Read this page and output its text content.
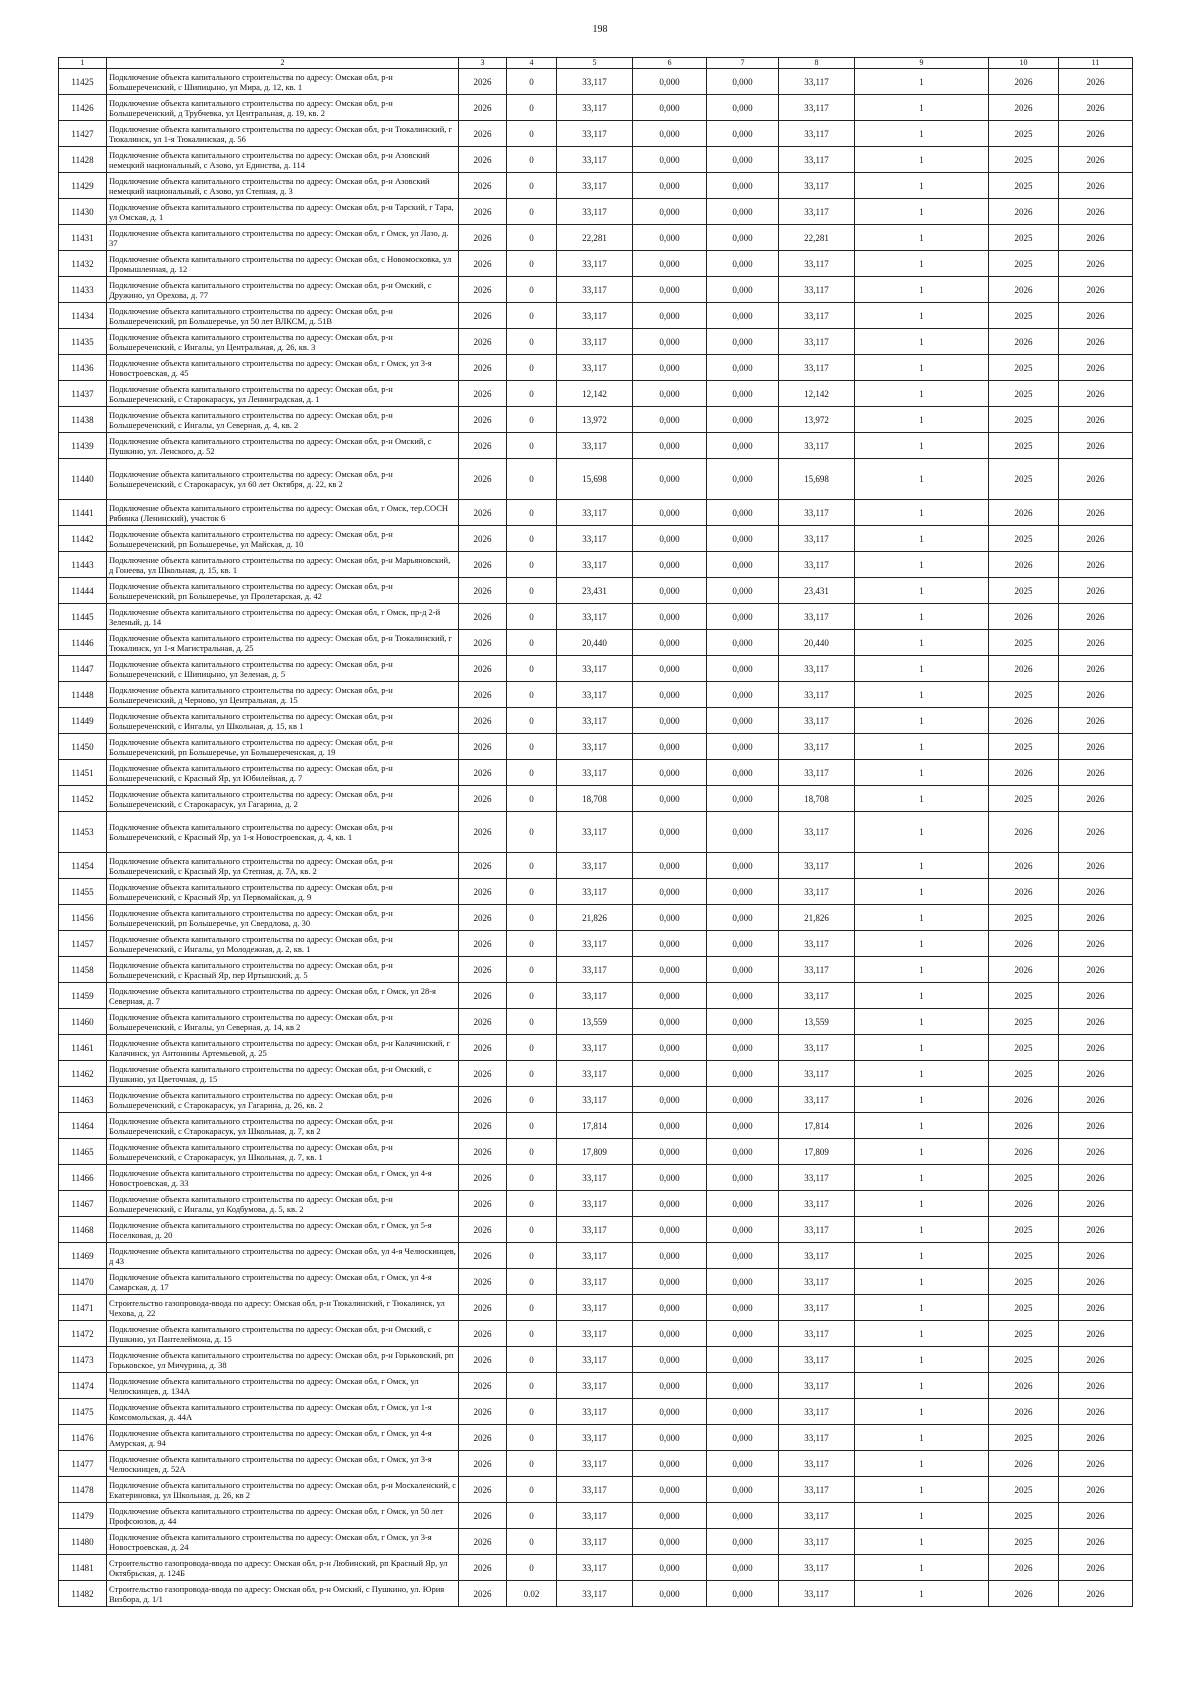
198
1	2	3	4	5	6	7	8	9	10	11
11425	Подключение объекта капитального строительства по адресу: Омская обл, р-н Большереченский, с Шипицыно, ул Мира, д. 12, кв. 1	2026	0	33,117	0,000	0,000	33,117	1	2026	2026
11426	Подключение объекта капитального строительства по адресу: Омская обл, р-н Большереченский, д Трубчевка, ул Центральная, д. 19, кв. 2	2026	0	33,117	0,000	0,000	33,117	1	2026	2026
11427	Подключение объекта капитального строительства по адресу: Омская обл, р-н Тюкалинский, г Тюкалинск, ул 1-я Тюкалинская, д. 56	2026	0	33,117	0,000	0,000	33,117	1	2025	2026
11428	Подключение объекта капитального строительства по адресу: Омская обл, р-н Азовский немецкий национальный, с Азово, ул Единства, д. 114	2026	0	33,117	0,000	0,000	33,117	1	2025	2026
11429	Подключение объекта капитального строительства по адресу: Омская обл, р-н Азовский немецкий национальный, с Азово, ул Степная, д. 3	2026	0	33,117	0,000	0,000	33,117	1	2025	2026
11430	Подключение объекта капитального строительства по адресу: Омская обл, р-н Тарский, г Тара, ул Омская, д. 1	2026	0	33,117	0,000	0,000	33,117	1	2026	2026
11431	Подключение объекта капитального строительства по адресу: Омская обл, г Омск, ул Лазо, д. 37	2026	0	22,281	0,000	0,000	22,281	1	2025	2026
11432	Подключение объекта капитального строительства по адресу: Омская обл, с Новомосковка, ул Промышленная, д. 12	2026	0	33,117	0,000	0,000	33,117	1	2025	2026
11433	Подключение объекта капитального строительства по адресу: Омская обл, р-н Омский, с Дружино, ул Орехова, д. 77	2026	0	33,117	0,000	0,000	33,117	1	2026	2026
11434	Подключение объекта капитального строительства по адресу: Омская обл, р-н Большереченский, рп Большеречье, ул 50 лет ВЛКСМ, д. 51В	2026	0	33,117	0,000	0,000	33,117	1	2025	2026
11435	Подключение объекта капитального строительства по адресу: Омская обл, р-н Большереченский, с Ингалы, ул Центральная, д. 26, кв. 3	2026	0	33,117	0,000	0,000	33,117	1	2026	2026
11436	Подключение объекта капитального строительства по адресу: Омская обл, г Омск, ул 3-я Новостроевская, д. 45	2026	0	33,117	0,000	0,000	33,117	1	2025	2026
11437	Подключение объекта капитального строительства по адресу: Омская обл, р-н Большереченский, с Старокарасук, ул Ленинградская, д. 1	2026	0	12,142	0,000	0,000	12,142	1	2025	2026
11438	Подключение объекта капитального строительства по адресу: Омская обл, р-н Большереченский, с Ингалы, ул Северная, д. 4, кв. 2	2026	0	13,972	0,000	0,000	13,972	1	2025	2026
11439	Подключение объекта капитального строительства по адресу: Омская обл, р-н Омский, с Пушкино, ул. Ленского, д. 52	2026	0	33,117	0,000	0,000	33,117	1	2025	2026
11440	Подключение объекта капитального строительства по адресу: Омская обл, р-н Большереченский, с Старокарасук, ул 60 лет Октября, д. 22, кв 2	2026	0	15,698	0,000	0,000	15,698	1	2025	2026
11441	Подключение объекта капитального строительства по адресу: Омская обл, г Омск, тер.СОСН Рябинка (Ленинский), участок 6	2026	0	33,117	0,000	0,000	33,117	1	2026	2026
11442	Подключение объекта капитального строительства по адресу: Омская обл, р-н Большереченский, рп Большеречье, ул Майская, д. 10	2026	0	33,117	0,000	0,000	33,117	1	2025	2026
11443	Подключение объекта капитального строительства по адресу: Омская обл, р-н Марьяновский, д Гонеева, ул Школьная, д. 15, кв. 1	2026	0	33,117	0,000	0,000	33,117	1	2026	2026
11444	Подключение объекта капитального строительства по адресу: Омская обл, р-н Большереченский, рп Большеречье, ул Пролетарская, д. 42	2026	0	23,431	0,000	0,000	23,431	1	2025	2026
11445	Подключение объекта капитального строительства по адресу: Омская обл, г Омск, пр-д 2-й Зеленый, д. 14	2026	0	33,117	0,000	0,000	33,117	1	2026	2026
11446	Подключение объекта капитального строительства по адресу: Омская обл, р-н Тюкалинский, г Тюкалинск, ул 1-я Магистральная, д. 25	2026	0	20,440	0,000	0,000	20,440	1	2025	2026
11447	Подключение объекта капитального строительства по адресу: Омская обл, р-н Большереченский, с Шипицыно, ул Зеленая, д. 5	2026	0	33,117	0,000	0,000	33,117	1	2026	2026
11448	Подключение объекта капитального строительства по адресу: Омская обл, р-н Большереченский, д Черново, ул Центральная, д. 15	2026	0	33,117	0,000	0,000	33,117	1	2025	2026
11449	Подключение объекта капитального строительства по адресу: Омская обл, р-н Большереченский, с Ингалы, ул Школьная, д. 15, кв 1	2026	0	33,117	0,000	0,000	33,117	1	2026	2026
11450	Подключение объекта капитального строительства по адресу: Омская обл, р-н Большереченский, рп Большеречье, ул Большереченская, д. 19	2026	0	33,117	0,000	0,000	33,117	1	2025	2026
11451	Подключение объекта капитального строительства по адресу: Омская обл, р-н Большереченский, с Красный Яр, ул Юбилейная, д. 7	2026	0	33,117	0,000	0,000	33,117	1	2026	2026
11452	Подключение объекта капитального строительства по адресу: Омская обл, р-н Большереченский, с Старокарасук, ул Гагарина, д. 2	2026	0	18,708	0,000	0,000	18,708	1	2025	2026
11453	Подключение объекта капитального строительства по адресу: Омская обл, р-н Большереченский, с Красный Яр, ул 1-я Новостроевская, д. 4, кв. 1	2026	0	33,117	0,000	0,000	33,117	1	2026	2026
11454	Подключение объекта капитального строительства по адресу: Омская обл, р-н Большереченский, с Красный Яр, ул Степная, д. 7А, кв. 2	2026	0	33,117	0,000	0,000	33,117	1	2026	2026
11455	Подключение объекта капитального строительства по адресу: Омская обл, р-н Большереченский, с Красный Яр, ул Первомайская, д. 9	2026	0	33,117	0,000	0,000	33,117	1	2026	2026
11456	Подключение объекта капитального строительства по адресу: Омская обл, р-н Большереченский, рп Большеречье, ул Свердлова, д. 30	2026	0	21,826	0,000	0,000	21,826	1	2025	2026
11457	Подключение объекта капитального строительства по адресу: Омская обл, р-н Большереченский, с Ингалы, ул Молодежная, д. 2, кв. 1	2026	0	33,117	0,000	0,000	33,117	1	2026	2026
11458	Подключение объекта капитального строительства по адресу: Омская обл, р-н Большереченский, с Красный Яр, пер Иртышский, д. 5	2026	0	33,117	0,000	0,000	33,117	1	2026	2026
11459	Подключение объекта капитального строительства по адресу: Омская обл, г Омск, ул 28-я Северная, д. 7	2026	0	33,117	0,000	0,000	33,117	1	2025	2026
11460	Подключение объекта капитального строительства по адресу: Омская обл, р-н Большереченский, с Ингалы, ул Северная, д. 14, кв 2	2026	0	13,559	0,000	0,000	13,559	1	2025	2026
11461	Подключение объекта капитального строительства по адресу: Омская обл, р-н Калачинский, г Калачинск, ул Антонины Артемьевой, д. 25	2026	0	33,117	0,000	0,000	33,117	1	2025	2026
11462	Подключение объекта капитального строительства по адресу: Омская обл, р-н Омский, с Пушкино, ул Цветочная, д. 15	2026	0	33,117	0,000	0,000	33,117	1	2025	2026
11463	Подключение объекта капитального строительства по адресу: Омская обл, р-н Большереченский, с Старокарасук, ул Гагарина, д. 26, кв. 2	2026	0	33,117	0,000	0,000	33,117	1	2026	2026
11464	Подключение объекта капитального строительства по адресу: Омская обл, р-н Большереченский, с Старокарасук, ул Школьная, д. 7, кв 2	2026	0	17,814	0,000	0,000	17,814	1	2026	2026
11465	Подключение объекта капитального строительства по адресу: Омская обл, р-н Большереченский, с Старокарасук, ул Школьная, д. 7, кв. 1	2026	0	17,809	0,000	0,000	17,809	1	2026	2026
11466	Подключение объекта капитального строительства по адресу: Омская обл, г Омск, ул 4-я Новостроевская, д. 33	2026	0	33,117	0,000	0,000	33,117	1	2025	2026
11467	Подключение объекта капитального строительства по адресу: Омская обл, р-н Большереченский, с Ингалы, ул Кодбумова, д. 5, кв. 2	2026	0	33,117	0,000	0,000	33,117	1	2026	2026
11468	Подключение объекта капитального строительства по адресу: Омская обл, г Омск, ул 5-я Поселковая, д. 20	2026	0	33,117	0,000	0,000	33,117	1	2025	2026
11469	Подключение объекта капитального строительства по адресу: Омская обл, ул 4-я Челюскинцев, д 43	2026	0	33,117	0,000	0,000	33,117	1	2025	2026
11470	Подключение объекта капитального строительства по адресу: Омская обл, г Омск, ул 4-я Самарская, д. 17	2026	0	33,117	0,000	0,000	33,117	1	2025	2026
11471	Строительство газопровода-ввода по адресу: Омская обл, р-н Тюкалинский, г Тюкалинск, ул Чехова, д. 22	2026	0	33,117	0,000	0,000	33,117	1	2025	2026
11472	Подключение объекта капитального строительства по адресу: Омская обл, р-н Омский, с Пушкино, ул Пантелеймона, д. 15	2026	0	33,117	0,000	0,000	33,117	1	2025	2026
11473	Подключение объекта капитального строительства по адресу: Омская обл, р-н Горьковский, рп Горьковское, ул Мичурина, д. 38	2026	0	33,117	0,000	0,000	33,117	1	2025	2026
11474	Подключение объекта капитального строительства по адресу: Омская обл, г Омск, ул Челюскинцев, д. 134А	2026	0	33,117	0,000	0,000	33,117	1	2026	2026
11475	Подключение объекта капитального строительства по адресу: Омская обл, г Омск, ул 1-я Комсомольская, д. 44А	2026	0	33,117	0,000	0,000	33,117	1	2026	2026
11476	Подключение объекта капитального строительства по адресу: Омская обл, г Омск, ул 4-я Амурская, д. 94	2026	0	33,117	0,000	0,000	33,117	1	2025	2026
11477	Подключение объекта капитального строительства по адресу: Омская обл, г Омск, ул 3-я Челюскинцев, д. 52А	2026	0	33,117	0,000	0,000	33,117	1	2026	2026
11478	Подключение объекта капитального строительства по адресу: Омская обл, р-н Москаленский, с Екатериновка, ул Школьная, д. 26, кв 2	2026	0	33,117	0,000	0,000	33,117	1	2025	2026
11479	Подключение объекта капитального строительства по адресу: Омская обл, г Омск, ул 50 лет Профсоюзов, д. 44	2026	0	33,117	0,000	0,000	33,117	1	2025	2026
11480	Подключение объекта капитального строительства по адресу: Омская обл, г Омск, ул 3-я Новостроевская, д. 24	2026	0	33,117	0,000	0,000	33,117	1	2025	2026
11481	Строительство газопровода-ввода по адресу: Омская обл, р-н Любинский, рп Красный Яр, ул Октябрьская, д. 124Б	2026	0	33,117	0,000	0,000	33,117	1	2026	2026
11482	Строительство газопровода-ввода по адресу: Омская обл, р-н Омский, с Пушкино, ул. Юрия Визбора, д. 1/1	2026	0.02	33,117	0,000	0,000	33,117	1	2026	2026
